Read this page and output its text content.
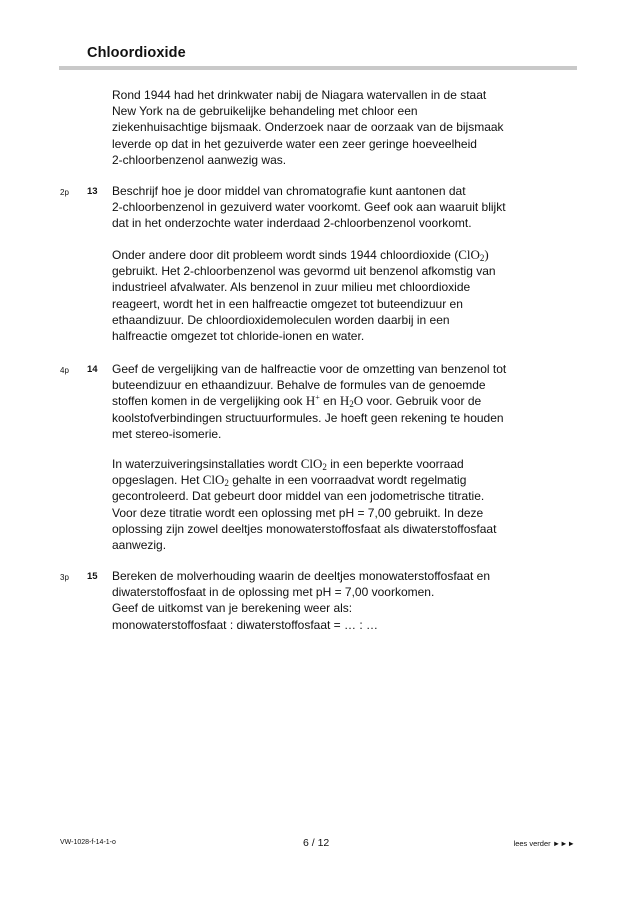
Chloordioxide

Rond 1944 had het drinkwater nabij de Niagara watervallen in de staat
New York na de gebruikelijke behandeling met chloor een
ziekenhuisachtige bijsmaak. Onderzoek naar de oorzaak van de bijsmaak
leverde op dat in het gezuiverde water een zeer geringe hoeveelheid
2-chloorbenzenol aanwezig was.

2p 13 Beschrijf hoe je door middel van chromatografie kunt aantonen dat
2-chloorbenzenol in gezuiverd water voorkomt. Geef ook aan waaruit blijkt
dat in het onderzochte water inderdaad 2-chloorbenzenol voorkomt.

Onder andere door dit probleem wordt sinds 1944 chloordioxide (ClO$_2$)
gebruikt. Het 2-chloorbenzenol was gevormd uit benzenol afkomstig van
industrieel afvalwater. Als benzenol in zuur milieu met chloordioxide
reageert, wordt het in een halfreactie omgezet tot buteendizuur en
ethaandizuur. De chloordioxidemoleculen worden daarbij in een
halfreactie omgezet tot chloride-ionen en water.

4p 14 Geef de vergelijking van de halfreactie voor de omzetting van benzenol tot
buteendizuur en ethaandizuur. Behalve de formules van de genoemde
stoffen komen in de vergelijking ook H+ en $H_2O$ voor. Gebruik voor de
koolstofverbindingen structuurformules. Je hoeft geen rekening te houden
met stereo-isomerie.

In waterzuiveringsinstallaties wordt ClO$_2$ in een beperkte voorraad
opgeslagen. Het ClO$_2$ gehalte in een voorraadvat wordt regelmatig
gecontroleerd. Dat gebeurt door middel van een jodometrische titratie.
Voor deze titratie wordt een oplossing met pH = 7,00 gebruikt. In deze
oplossing zijn zowel deeltjes monowaterstoffosfaat als diwaterstoffosfaat
aanwezig.

3p 15 Bereken de molverhouding waarin de deeltjes monowaterstoffosfaat en
diwaterstoffosfaat in de oplossing met pH = 7,00 voorkomen.
Geef de uitkomst van je berekening weer als:
monowaterstoffosfaat : diwaterstoffosfaat = … : …

VW-1028-f-14-1-o	6 / 12	lees verder ►►►
